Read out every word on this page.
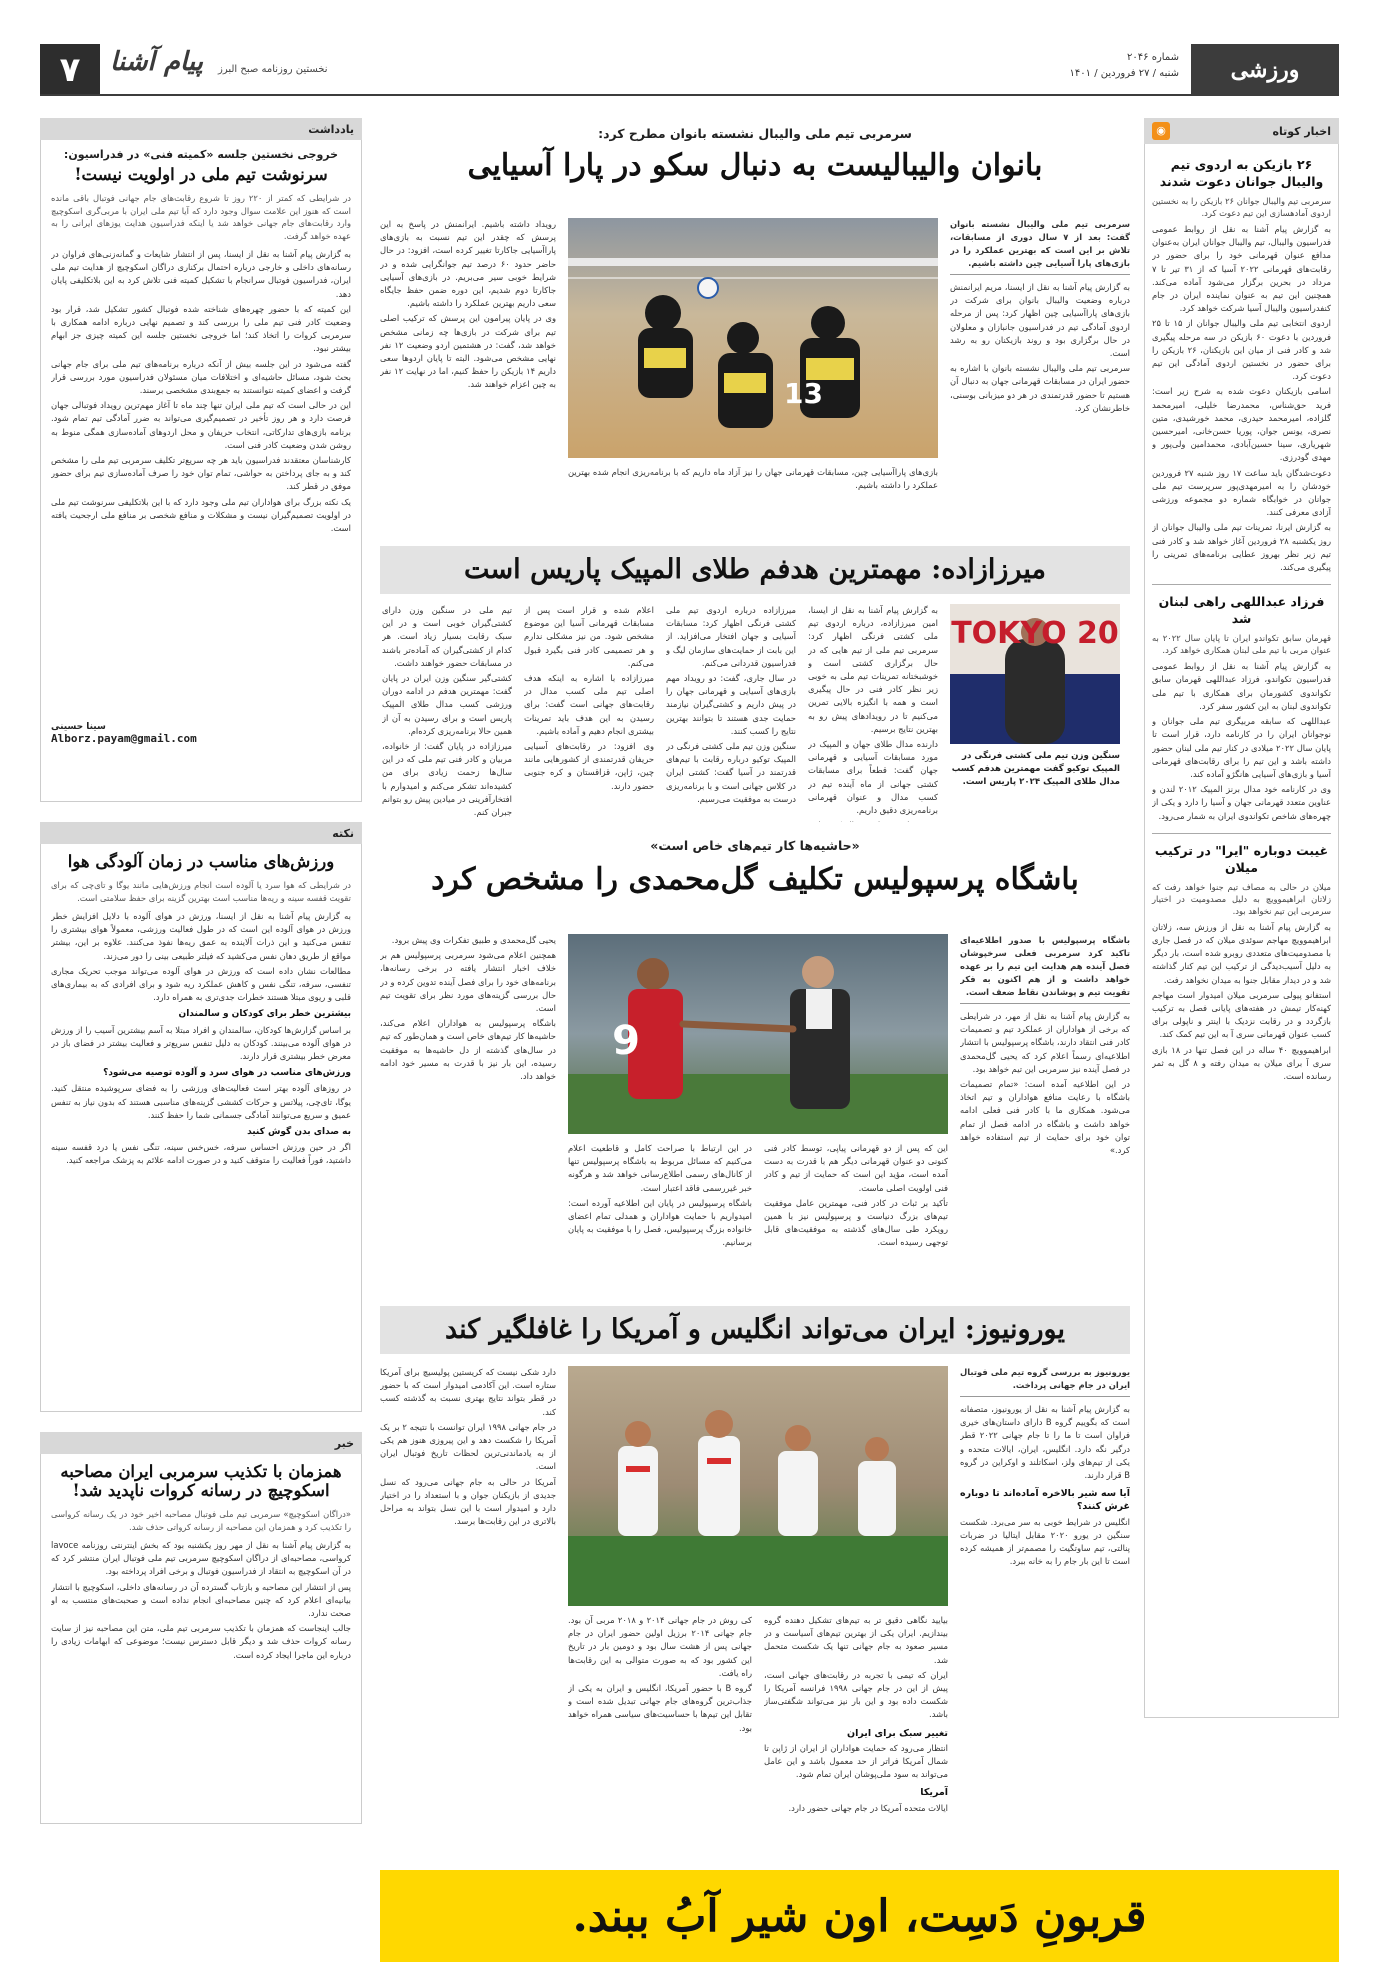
ورزشی
شماره ۲۰۴۶
شنبه / ۲۷ فروردین / ۱۴۰۱
نخستین روزنامه صبح البرز
پیام آشنا
۷
اخبار کوتاه
◉
۲۶ بازیکن به اردوی تیم والیبال جوانان دعوت شدند
سرمربی تیم والیبال جوانان ۲۶ بازیکن را به نخستین اردوی آمادهسازی این تیم دعوت کرد.

به گزارش پیام آشنا به نقل از روابط عمومی فدراسیون والیبال، تیم والیبال جوانان ایران به‌عنوان مدافع عنوان قهرمانی خود را برای حضور در رقابت‌های قهرمانی ۲۰۲۲ آسیا که از ۳۱ تیر تا ۷ مرداد در بحرین برگزار می‌شود آماده می‌کند. همچنین این تیم به عنوان نماینده ایران در جام کنفدراسیون والیبال آسیا شرکت خواهد کرد.

اردوی انتخابی تیم ملی والیبال جوانان از ۱۵ تا ۲۵ فروردین با دعوت ۶۰ بازیکن در سه مرحله پیگیری شد و کادر فنی از میان این بازیکنان، ۲۶ بازیکن را برای حضور در نخستین اردوی آمادگی این تیم دعوت کرد.

اسامی بازیکنان دعوت شده به شرح زیر است: فرید حق‌شناس، محمدرضا خلیلی، امیرمحمد گلزاده، امیرمحمد حیدری، محمد خورشیدی، متین نصری، یونس جوان، پوریا حسن‌خانی، امیرحسین شهریاری، سینا حسین‌آبادی، محمدامین ولی‌پور و مهدی گودرزی.

دعوت‌شدگان باید ساعت ۱۷ روز شنبه ۲۷ فروردین خودشان را به امیرمهدی‌پور سرپرست تیم ملی جوانان در خوابگاه شماره دو مجموعه ورزشی آزادی معرفی کنند.

به گزارش ایرنا، تمرینات تیم ملی والیبال جوانان از روز یکشنبه ۲۸ فروردین آغاز خواهد شد و کادر فنی تیم زیر نظر بهروز عطایی برنامه‌های تمرینی را پیگیری می‌کند.

فرزاد عبداللهی راهی لبنان شد
قهرمان سابق تکواندو ایران تا پایان سال ۲۰۲۲ به عنوان مربی با تیم ملی لبنان همکاری خواهد کرد.

به گزارش پیام آشنا به نقل از روابط عمومی فدراسیون تکواندو، فرزاد عبداللهی قهرمان سابق تکواندوی کشورمان برای همکاری با تیم ملی تکواندوی لبنان به این کشور سفر کرد.

عبداللهی که سابقه مربیگری تیم ملی جوانان و نوجوانان ایران را در کارنامه دارد، قرار است تا پایان سال ۲۰۲۲ میلادی در کنار تیم ملی لبنان حضور داشته باشد و این تیم را برای رقابت‌های قهرمانی آسیا و بازی‌های آسیایی هانگژو آماده کند.

وی در کارنامه خود مدال برنز المپیک ۲۰۱۲ لندن و عناوین متعدد قهرمانی جهان و آسیا را دارد و یکی از چهره‌های شاخص تکواندوی ایران به شمار می‌رود.

غیبت دوباره "ایرا" در ترکیب میلان
میلان در حالی به مصاف تیم جنوا خواهد رفت که زلاتان ابراهیموویچ به دلیل مصدومیت در اختیار سرمربی این تیم نخواهد بود.

به گزارش پیام آشنا به نقل از ورزش سه، زلاتان ابراهیموویچ مهاجم سوئدی میلان که در فصل جاری با مصدومیت‌های متعددی روبرو شده است، بار دیگر به دلیل آسیب‌دیدگی از ترکیب این تیم کنار گذاشته شد و در دیدار مقابل جنوا به میدان نخواهد رفت.

استفانو پیولی سرمربی میلان امیدوار است مهاجم کهنه‌کار تیمش در هفته‌های پایانی فصل به ترکیب بازگردد و در رقابت نزدیک با اینتر و ناپولی برای کسب عنوان قهرمانی سری آ به این تیم کمک کند.

ابراهیموویچ ۴۰ ساله در این فصل تنها در ۱۸ بازی سری آ برای میلان به میدان رفته و ۸ گل به ثمر رسانده است.

یادداشت
خروجی نخستین جلسه «کمیته فنی» در فدراسیون:
سرنوشت تیم ملی در اولویت نیست!
در شرایطی که کمتر از ۲۲۰ روز تا شروع رقابت‌های جام جهانی فوتبال باقی مانده است که هنوز این علامت سوال وجود دارد که آیا تیم ملی ایران با مربی‌گری اسکوچیچ وارد رقابت‌های جام جهانی خواهد شد یا اینکه فدراسیون هدایت یوزهای ایرانی را به عهده خواهد گرفت.

به گزارش پیام آشنا به نقل از ایسنا، پس از انتشار شایعات و گمانه‌زنی‌های فراوان در رسانه‌های داخلی و خارجی درباره احتمال برکناری دراگان اسکوچیچ از هدایت تیم ملی ایران، فدراسیون فوتبال سرانجام با تشکیل کمیته فنی تلاش کرد به این بلاتکلیفی پایان دهد.

این کمیته که با حضور چهره‌های شناخته شده فوتبال کشور تشکیل شد، قرار بود وضعیت کادر فنی تیم ملی را بررسی کند و تصمیم نهایی درباره ادامه همکاری با سرمربی کروات را اتخاذ کند؛ اما خروجی نخستین جلسه این کمیته چیزی جز ابهام بیشتر نبود.

گفته می‌شود در این جلسه بیش از آنکه درباره برنامه‌های تیم ملی برای جام جهانی بحث شود، مسائل حاشیه‌ای و اختلافات میان مسئولان فدراسیون مورد بررسی قرار گرفت و اعضای کمیته نتوانستند به جمع‌بندی مشخصی برسند.

این در حالی است که تیم ملی ایران تنها چند ماه تا آغاز مهم‌ترین رویداد فوتبالی جهان فرصت دارد و هر روز تأخیر در تصمیم‌گیری می‌تواند به ضرر آمادگی تیم تمام شود. برنامه بازی‌های تدارکاتی، انتخاب حریفان و محل اردوهای آماده‌سازی همگی منوط به روشن شدن وضعیت کادر فنی است.

کارشناسان معتقدند فدراسیون باید هر چه سریع‌تر تکلیف سرمربی تیم ملی را مشخص کند و به جای پرداختن به حواشی، تمام توان خود را صرف آماده‌سازی تیم برای حضور موفق در قطر کند.

یک نکته بزرگ برای هواداران تیم ملی وجود دارد که با این بلاتکلیفی سرنوشت تیم ملی در اولویت تصمیم‌گیران نیست و مشکلات و منافع شخصی بر منافع ملی ارجحیت یافته است.

سینا حسینی
Alborz.payam@gmail.com
نکته
ورزش‌های مناسب در زمان آلودگی هوا
در شرایطی که هوا سرد یا آلوده است انجام ورزش‌هایی مانند یوگا و تای‌چی که برای تقویت قفسه سینه و ریه‌ها مناسب است بهترین گزینه برای حفظ سلامتی است.

به گزارش پیام آشنا به نقل از ایسنا، ورزش در هوای آلوده با دلایل افزایش خطر ورزش در هوای آلوده این است که در طول فعالیت ورزشی، معمولاً هوای بیشتری را تنفس می‌کنید و این ذرات آلاینده به عمق ریه‌ها نفوذ می‌کنند. علاوه بر این، بیشتر مواقع از طریق دهان نفس می‌کشید که فیلتر طبیعی بینی را دور می‌زند.

مطالعات نشان داده است که ورزش در هوای آلوده می‌تواند موجب تحریک مجاری تنفسی، سرفه، تنگی نفس و کاهش عملکرد ریه شود و برای افرادی که به بیماری‌های قلبی و ریوی مبتلا هستند خطرات جدی‌تری به همراه دارد.

بیشترین خطر برای کودکان و سالمندان

بر اساس گزارش‌ها کودکان، سالمندان و افراد مبتلا به آسم بیشترین آسیب را از ورزش در هوای آلوده می‌بینند. کودکان به دلیل تنفس سریع‌تر و فعالیت بیشتر در فضای باز در معرض خطر بیشتری قرار دارند.

ورزش‌های مناسب در هوای سرد و آلوده توصیه می‌شود؟

در روزهای آلوده بهتر است فعالیت‌های ورزشی را به فضای سرپوشیده منتقل کنید. یوگا، تای‌چی، پیلاتس و حرکات کششی گزینه‌های مناسبی هستند که بدون نیاز به تنفس عمیق و سریع می‌توانند آمادگی جسمانی شما را حفظ کنند.

به صدای بدن گوش کنید

اگر در حین ورزش احساس سرفه، خس‌خس سینه، تنگی نفس یا درد قفسه سینه داشتید، فوراً فعالیت را متوقف کنید و در صورت ادامه علائم به پزشک مراجعه کنید.

خبر
همزمان با تکذیب سرمربی ایران مصاحبه اسکوچیچ در رسانه کروات ناپدید شد!
«دراگان اسکوچیچ» سرمربی تیم ملی فوتبال مصاحبه اخیر خود در یک رسانه کرواسی را تکذیب کرد و همزمان این مصاحبه از رسانه کرواتی حذف شد.

به گزارش پیام آشنا به نقل از مهر روز یکشنبه بود که بخش اینترنتی روزنامه lavoce کرواسی، مصاحبه‌ای از دراگان اسکوچیچ سرمربی تیم ملی فوتبال ایران منتشر کرد که در آن اسکوچیچ به انتقاد از فدراسیون فوتبال و برخی افراد پرداخته بود.

پس از انتشار این مصاحبه و بازتاب گسترده آن در رسانه‌های داخلی، اسکوچیچ با انتشار بیانیه‌ای اعلام کرد که چنین مصاحبه‌ای انجام نداده است و صحبت‌های منتسب به او صحت ندارد.

جالب اینجاست که همزمان با تکذیب سرمربی تیم ملی، متن این مصاحبه نیز از سایت رسانه کروات حذف شد و دیگر قابل دسترس نیست؛ موضوعی که ابهامات زیادی را درباره این ماجرا ایجاد کرده است.

سرمربی تیم ملی والیبال نشسته بانوان مطرح کرد:
بانوان والیبالیست به دنبال سکو در پارا آسیایی
سرمربی تیم ملی والیبال نشسته بانوان گفت: بعد از ۷ سال دوری از مسابقات، تلاش بر این است که بهترین عملکرد را در بازی‌های پارا آسیایی چین داشته باشیم.

به گزارش پیام آشنا به نقل از ایسنا، مریم ایرانمنش درباره وضعیت والیبال بانوان برای شرکت در بازی‌های پاراآسیایی چین اظهار کرد: پس از مرحله اردوی آمادگی تیم در فدراسیون جانبازان و معلولان در حال برگزاری بود و روند بازیکنان رو به رشد است.

سرمربی تیم ملی والیبال نشسته بانوان با اشاره به حضور ایران در مسابقات قهرمانی جهان به دنبال آن هستیم تا حضور قدرتمندی در هر دو میزبانی بوسنی، خاطرنشان کرد.

13

بازی‌های پاراآسیایی چین، مسابقات قهرمانی جهان را نیز آزاد ماه داریم که با برنامه‌ریزی انجام شده بهترین عملکرد را داشته باشیم.

رویداد داشته باشیم. ایرانمنش در پاسخ به این پرسش که چقدر این تیم نسبت به بازی‌های پاراآسیایی جاکارتا تغییر کرده است، افزود: در حال حاضر حدود ۶۰ درصد تیم جوانگرایی شده و در شرایط خوبی سیر می‌بریم. در بازی‌های آسیایی جاکارتا دوم شدیم، این دوره ضمن حفظ جایگاه سعی داریم بهترین عملکرد را داشته باشیم.

وی در پایان پیرامون این پرسش که ترکیب اصلی تیم برای شرکت در بازی‌ها چه زمانی مشخص خواهد شد، گفت: در هشتمین اردو وضعیت ۱۲ نفر نهایی مشخص می‌شود. البته تا پایان اردوها سعی داریم ۱۴ بازیکن را حفظ کنیم، اما در نهایت ۱۲ نفر به چین اعزام خواهند شد.

میرزازاده: مهمترین هدفم طلای المپیک پاریس است
TOKYO 20
سنگین وزن تیم ملی کشتی فرنگی در المپیک توکیو گفت مهمترین هدفم کسب مدال طلای المپیک ۲۰۲۴ پاریس است.

به گزارش پیام آشنا به نقل از ایسنا، امین میرزازاده، درباره اردوی تیم ملی کشتی فرنگی اظهار کرد: سرمربی تیم ملی از تیم هایی که در حال برگزاری کشتی است و خوشبختانه تمرینات تیم ملی به خوبی زیر نظر کادر فنی در حال پیگیری است و همه با انگیزه بالایی تمرین می‌کنیم تا در رویدادهای پیش رو به بهترین نتایج برسیم.

دارنده مدال طلای جهان و المپیک در مورد مسابقات آسیایی و قهرمانی جهان گفت: قطعاً برای مسابقات کشتی جهانی از ماه آینده تیم در کسب مدال و عنوان قهرمانی برنامه‌ریزی دقیق داریم.

میرزازاده درباره اردوی تیم ملی کشتی فرنگی اظهار کرد: مسابقات آسیایی و جهان افتخار می‌افزاید. از این بابت از حمایت‌های سازمان لیگ و فدراسیون قدردانی می‌کنم.

در سال جاری، گفت: دو رویداد مهم بازی‌های آسیایی و قهرمانی جهان را در پیش داریم و کشتی‌گیران نیازمند حمایت جدی هستند تا بتوانند بهترین نتایج را کسب کنند.

سنگین وزن تیم ملی کشتی فرنگی در المپیک توکیو درباره رقابت با تیم‌های قدرتمند در آسیا گفت: کشتی ایران در کلاس جهانی است و با برنامه‌ریزی درست به موفقیت می‌رسیم.

اعلام شده و قرار است پس از مسابقات قهرمانی آسیا این موضوع مشخص شود. من نیز مشکلی ندارم و هر تصمیمی کادر فنی بگیرد قبول می‌کنم.

میرزازاده با اشاره به اینکه هدف اصلی تیم ملی کسب مدال در رقابت‌های جهانی است گفت: برای رسیدن به این هدف باید تمرینات بیشتری انجام دهیم و آماده باشیم.

وی افزود: در رقابت‌های آسیایی حریفان قدرتمندی از کشورهایی مانند چین، ژاپن، قزاقستان و کره جنوبی حضور دارند.

تیم ملی در سنگین وزن دارای کشتی‌گیران خوبی است و در این سبک رقابت بسیار زیاد است. هر کدام از کشتی‌گیران که آماده‌تر باشند در مسابقات حضور خواهند داشت.

کشتی‌گیر سنگین وزن ایران در پایان گفت: مهمترین هدفم در ادامه دوران ورزشی کسب مدال طلای المپیک پاریس است و برای رسیدن به آن از همین حالا برنامه‌ریزی کرده‌ام.

میرزازاده در پایان گفت: از خانواده، مربیان و کادر فنی تیم ملی که در این سال‌ها زحمت زیادی برای من کشیده‌اند تشکر می‌کنم و امیدوارم با افتخارآفرینی در میادین پیش رو بتوانم جبران کنم.

«حاشیه‌ها کار تیم‌های خاص است»
باشگاه پرسپولیس تکلیف گل‌محمدی را مشخص کرد
باشگاه پرسپولیس با صدور اطلاعیه‌ای تاکید کرد سرمربی فعلی سرخپوشان فصل آینده هم هدایت این تیم را بر عهده خواهد داشت و از هم اکنون به فکر تقویت تیم و پوشاندن نقاط ضعف است.

به گزارش پیام آشنا به نقل از مهر، در شرایطی که برخی از هواداران از عملکرد تیم و تصمیمات کادر فنی انتقاد دارند، باشگاه پرسپولیس با انتشار اطلاعیه‌ای رسماً اعلام کرد که یحیی گل‌محمدی در فصل آینده نیز سرمربی این تیم خواهد بود.

در این اطلاعیه آمده است: «تمام تصمیمات باشگاه با رعایت منافع هواداران و تیم اتخاذ می‌شود. همکاری ما با کادر فنی فعلی ادامه خواهد داشت و باشگاه در ادامه فصل از تمام توان خود برای حمایت از تیم استفاده خواهد کرد.»

9

این که پس از دو قهرمانی پیاپی، توسط کادر فنی کنونی دو عنوان قهرمانی دیگر هم با قدرت به دست آمده است، مؤید این است که حمایت از تیم و کادر فنی اولویت اصلی ماست.

تأکید بر ثبات در کادر فنی، مهمترین عامل موفقیت تیم‌های بزرگ دنیاست و پرسپولیس نیز با همین رویکرد طی سال‌های گذشته به موفقیت‌های قابل توجهی رسیده است.

در این ارتباط با صراحت کامل و قاطعیت اعلام می‌کنیم که مسائل مربوط به باشگاه پرسپولیس تنها از کانال‌های رسمی اطلاع‌رسانی خواهد شد و هرگونه خبر غیررسمی فاقد اعتبار است.

باشگاه پرسپولیس در پایان این اطلاعیه آورده است: امیدواریم با حمایت هواداران و همدلی تمام اعضای خانواده بزرگ پرسپولیس، فصل را با موفقیت به پایان برسانیم.

یحیی گل‌محمدی و طبیق تفکرات وی پیش برود.

همچنین اعلام می‌شود سرمربی پرسپولیس هم بر خلاف اخبار انتشار یافته در برخی رسانه‌ها، برنامه‌های خود را برای فصل آینده تدوین کرده و در حال بررسی گزینه‌های مورد نظر برای تقویت تیم است.

باشگاه پرسپولیس به هواداران اعلام می‌کند، حاشیه‌ها کار تیم‌های خاص است و همان‌طور که تیم در سال‌های گذشته از دل حاشیه‌ها به موفقیت رسیده، این بار نیز با قدرت به مسیر خود ادامه خواهد داد.

یورونیوز: ایران می‌تواند انگلیس و آمریکا را غافلگیر کند
یورونیوز به بررسی گروه تیم ملی فوتبال ایران در جام جهانی پرداخت.

به گزارش پیام آشنا به نقل از یورونیوز، متصفانه است که بگوییم گروه B دارای داستان‌های خیری فراوان است تا ما را تا جام جهانی ۲۰۲۲ قطر درگیر نگه دارد. انگلیس، ایران، ایالات متحده و یکی از تیم‌های ولز، اسکاتلند و اوکراین در گروه B قرار دارند.

آیا سه شیر بالاخره آماده‌اند تا دوباره غرش کنند؟

انگلیس در شرایط خوبی به سر می‌برد. شکست سنگین در یورو ۲۰۲۰ مقابل ایتالیا در ضربات پنالتی، تیم ساوتگیت را مصمم‌تر از همیشه کرده است تا این بار جام را به خانه ببرد.

بیایید نگاهی دقیق تر به تیم‌های تشکیل دهنده گروه بیندازیم. ایران یکی از بهترین تیم‌های آسیاست و در مسیر صعود به جام جهانی تنها یک شکست متحمل شد.

ایران که تیمی با تجربه در رقابت‌های جهانی است، پیش از این در جام جهانی ۱۹۹۸ فرانسه آمریکا را شکست داده بود و این بار نیز می‌تواند شگفتی‌ساز باشد.

تغییر سبک برای ایران

انتظار می‌رود که حمایت هواداران از ایران از ژاپن تا شمال آمریکا فراتر از حد معمول باشد و این عامل می‌تواند به سود ملی‌پوشان ایران تمام شود.

آمریکا

ایالات متحده آمریکا در جام جهانی حضور دارد.

کی روش در جام جهانی ۲۰۱۴ و ۲۰۱۸ مربی آن بود. جام جهانی ۲۰۱۴ برزیل اولین حضور ایران در جام جهانی پس از هشت سال بود و دومین بار در تاریخ این کشور بود که به صورت متوالی به این رقابت‌ها راه یافت.

گروه B با حضور آمریکا، انگلیس و ایران به یکی از جذاب‌ترین گروه‌های جام جهانی تبدیل شده است و تقابل این تیم‌ها با حساسیت‌های سیاسی همراه خواهد بود.

دارد شکی نیست که کریستین پولیسیچ برای آمریکا ستاره است. این آکادمی امیدوار است که با حضور در قطر بتواند نتایج بهتری نسبت به گذشته کسب کند.

در جام جهانی ۱۹۹۸ ایران توانست با نتیجه ۲ بر یک آمریکا را شکست دهد و این پیروزی هنوز هم یکی از به یادماندنی‌ترین لحظات تاریخ فوتبال ایران است.

آمریکا در حالی به جام جهانی می‌رود که نسل جدیدی از بازیکنان جوان و با استعداد را در اختیار دارد و امیدوار است با این نسل بتواند به مراحل بالاتری در این رقابت‌ها برسد.

قربونِ دَسِت، اون شیر آبُ ببند.
